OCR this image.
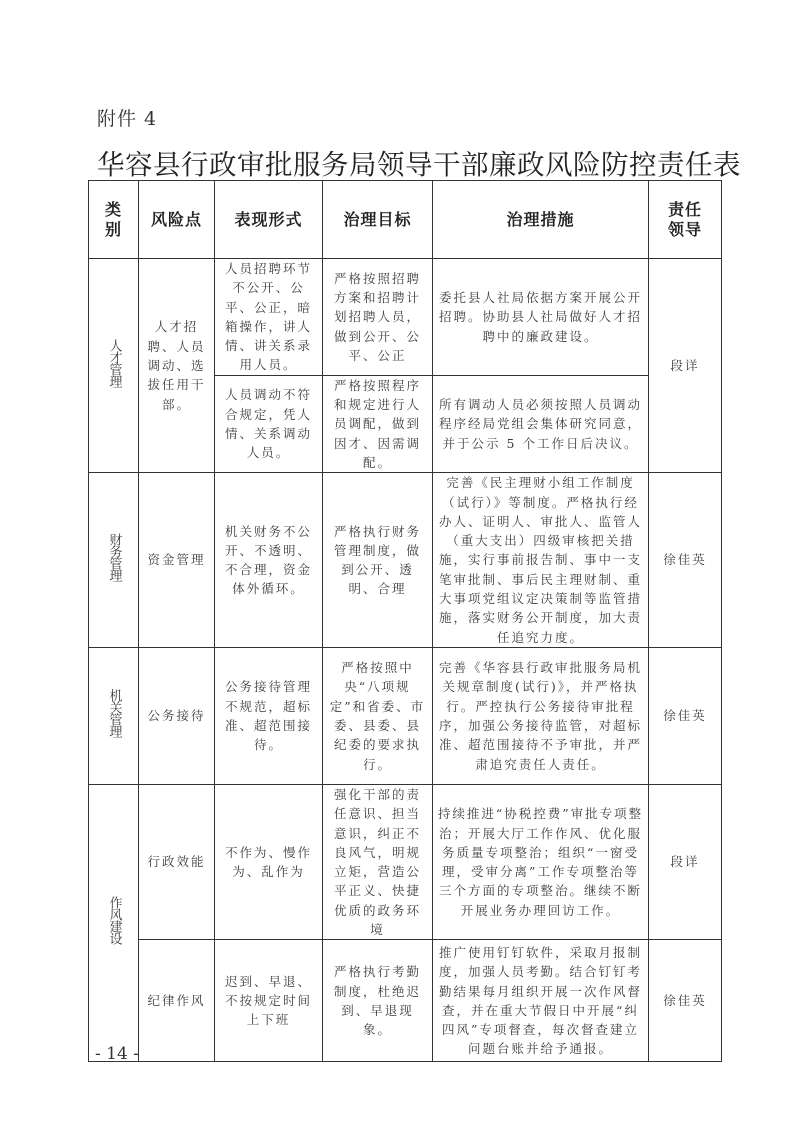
附件 4
华容县行政审批服务局领导干部廉政风险防控责任表
类别	风险点	表现形式	治理目标	治理措施	责任领导
人才管理	人才招聘、人员调动、选拔任用干部。	人员招聘环节不公开、公平、公正，暗箱操作，讲人情、讲关系录用人员。	严格按照招聘方案和招聘计划招聘人员，做到公开、公平、公正	委托县人社局依据方案开展公开招聘。协助县人社局做好人才招聘中的廉政建设。	段详
		人员调动不符合规定，凭人情、关系调动人员。	严格按照程序和规定进行人员调配，做到因才、因需调配。	所有调动人员必须按照人员调动程序经局党组会集体研究同意，并于公示 5 个工作日后决议。	
财务管理	资金管理	机关财务不公开、不透明、不合理，资金体外循环。	严格执行财务管理制度，做到公开、透明、合理	完善《民主理财小组工作制度（试行）》等制度。严格执行经办人、证明人、审批人、监管人（重大支出）四级审核把关措施，实行事前报告制、事中一支笔审批制、事后民主理财制、重大事项党组议定决策制等监管措施，落实财务公开制度，加大责任追究力度。	徐佳英
机关管理	公务接待	公务接待管理不规范，超标准、超范围接待。	严格按照中央“八项规定”和省委、市委、县委、县纪委的要求执行。	完善《华容县行政审批服务局机关规章制度(试行)》，并严格执行。严控执行公务接待审批程序，加强公务接待监管，对超标准、超范围接待不予审批，并严肃追究责任人责任。	徐佳英
作风建设	行政效能	不作为、慢作为、乱作为	强化干部的责任意识、担当意识，纠正不良风气，明规立矩，营造公平正义、快捷优质的政务环境	持续推进“协税控费”审批专项整治；开展大厅工作作风、优化服务质量专项整治；组织“一窗受理，受审分离”工作专项整治等三个方面的专项整治。继续不断开展业务办理回访工作。	段详
	纪律作风	迟到、早退、不按规定时间上下班	严格执行考勤制度，杜绝迟到、早退现象。	推广使用钉钉软件，采取月报制度，加强人员考勤。结合钉钉考勤结果每月组织开展一次作风督查，并在重大节假日中开展“纠四风”专项督查，每次督查建立问题台账并给予通报。	徐佳英
- 14 -
